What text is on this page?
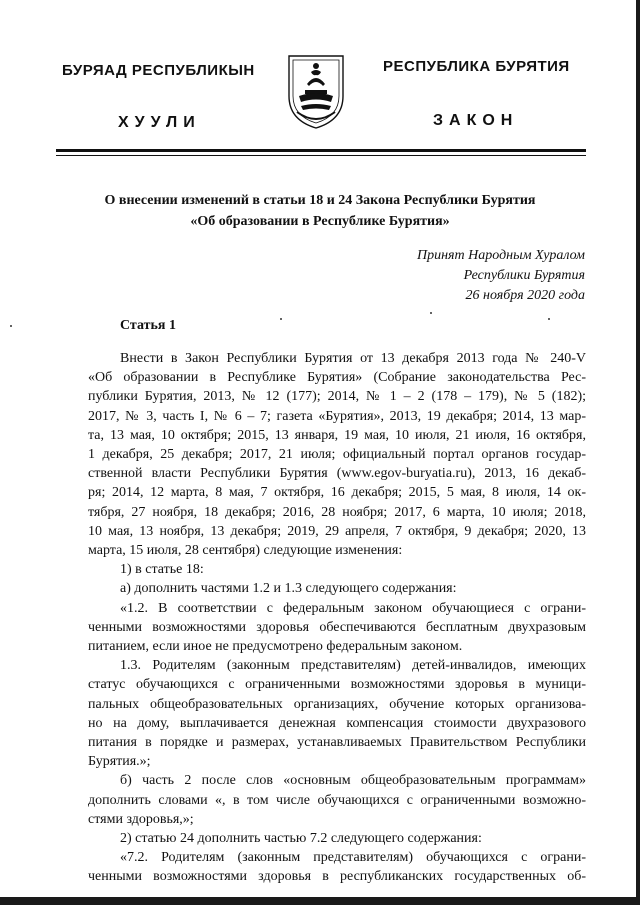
БУРЯАД РЕСПУБЛИКЫН
ХУУЛИ
РЕСПУБЛИКА БУРЯТИЯ
ЗАКОН
О внесении изменений в статьи 18 и 24 Закона Республики Бурятия
«Об образовании в Республике Бурятия»
Принят Народным Хуралом
Республики Бурятия
26 ноября 2020 года
Статья 1
Внести в Закон Республики Бурятия от 13 декабря 2013 года № 240-V
«Об образовании в Республике Бурятия» (Собрание законодательства Рес-
публики Бурятия, 2013, № 12 (177); 2014, № 1 – 2 (178 – 179), № 5 (182);
2017, № 3, часть I, № 6 – 7; газета «Бурятия», 2013, 19 декабря; 2014, 13 мар-
та, 13 мая, 10 октября; 2015, 13 января, 19 мая, 10 июля, 21 июля, 16 октября,
1 декабря, 25 декабря; 2017, 21 июля; официальный портал органов государ-
ственной власти Республики Бурятия (www.egov-buryatia.ru), 2013, 16 декаб-
ря; 2014, 12 марта, 8 мая, 7 октября, 16 декабря; 2015, 5 мая, 8 июля, 14 ок-
тября, 27 ноября, 18 декабря; 2016, 28 ноября; 2017, 6 марта, 10 июля; 2018,
10 мая, 13 ноября, 13 декабря; 2019, 29 апреля, 7 октября, 9 декабря; 2020, 13
марта, 15 июля, 28 сентября) следующие изменения:
1) в статье 18:
а) дополнить частями 1.2 и 1.3 следующего содержания:
«1.2. В соответствии с федеральным законом обучающиеся с ограни-
ченными возможностями здоровья обеспечиваются бесплатным двухразовым
питанием, если иное не предусмотрено федеральным законом.
1.3. Родителям (законным представителям) детей-инвалидов, имеющих
статус обучающихся с ограниченными возможностями здоровья в муници-
пальных общеобразовательных организациях, обучение которых организова-
но на дому, выплачивается денежная компенсация стоимости двухразового
питания в порядке и размерах, устанавливаемых Правительством Республики
Бурятия.»;
б) часть 2 после слов «основным общеобразовательным программам»
дополнить словами «, в том числе обучающихся с ограниченными возможно-
стями здоровья,»;
2) статью 24 дополнить частью 7.2 следующего содержания:
«7.2. Родителям (законным представителям) обучающихся с ограни-
ченными возможностями здоровья в республиканских государственных об-
